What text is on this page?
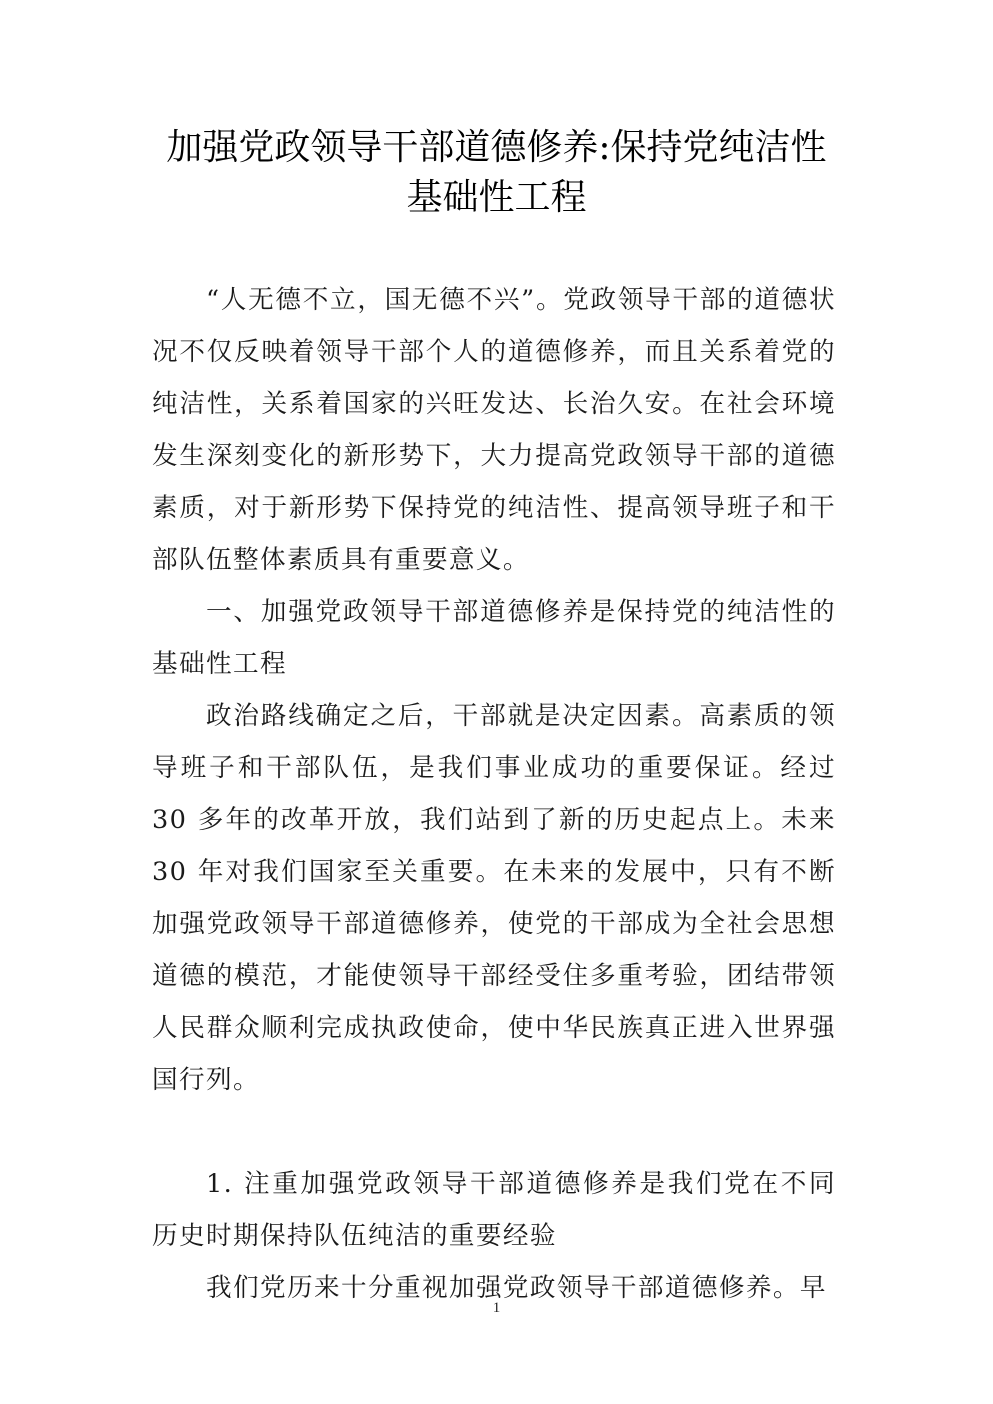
加强党政领导干部道德修养:保持党纯洁性
基础性工程

“人无德不立，国无德不兴”。党政领导干部的道德状况不仅反映着领导干部个人的道德修养，而且关系着党的纯洁性，关系着国家的兴旺发达、长治久安。在社会环境发生深刻变化的新形势下，大力提高党政领导干部的道德素质，对于新形势下保持党的纯洁性、提高领导班子和干部队伍整体素质具有重要意义。

一、加强党政领导干部道德修养是保持党的纯洁性的基础性工程

政治路线确定之后，干部就是决定因素。高素质的领导班子和干部队伍，是我们事业成功的重要保证。经过 30 多年的改革开放，我们站到了新的历史起点上。未来 30 年对我们国家至关重要。在未来的发展中，只有不断加强党政领导干部道德修养，使党的干部成为全社会思想道德的模范，才能使领导干部经受住多重考验，团结带领人民群众顺利完成执政使命，使中华民族真正进入世界强国行列。

1. 注重加强党政领导干部道德修养是我们党在不同历史时期保持队伍纯洁的重要经验

我们党历来十分重视加强党政领导干部道德修养。早

1
